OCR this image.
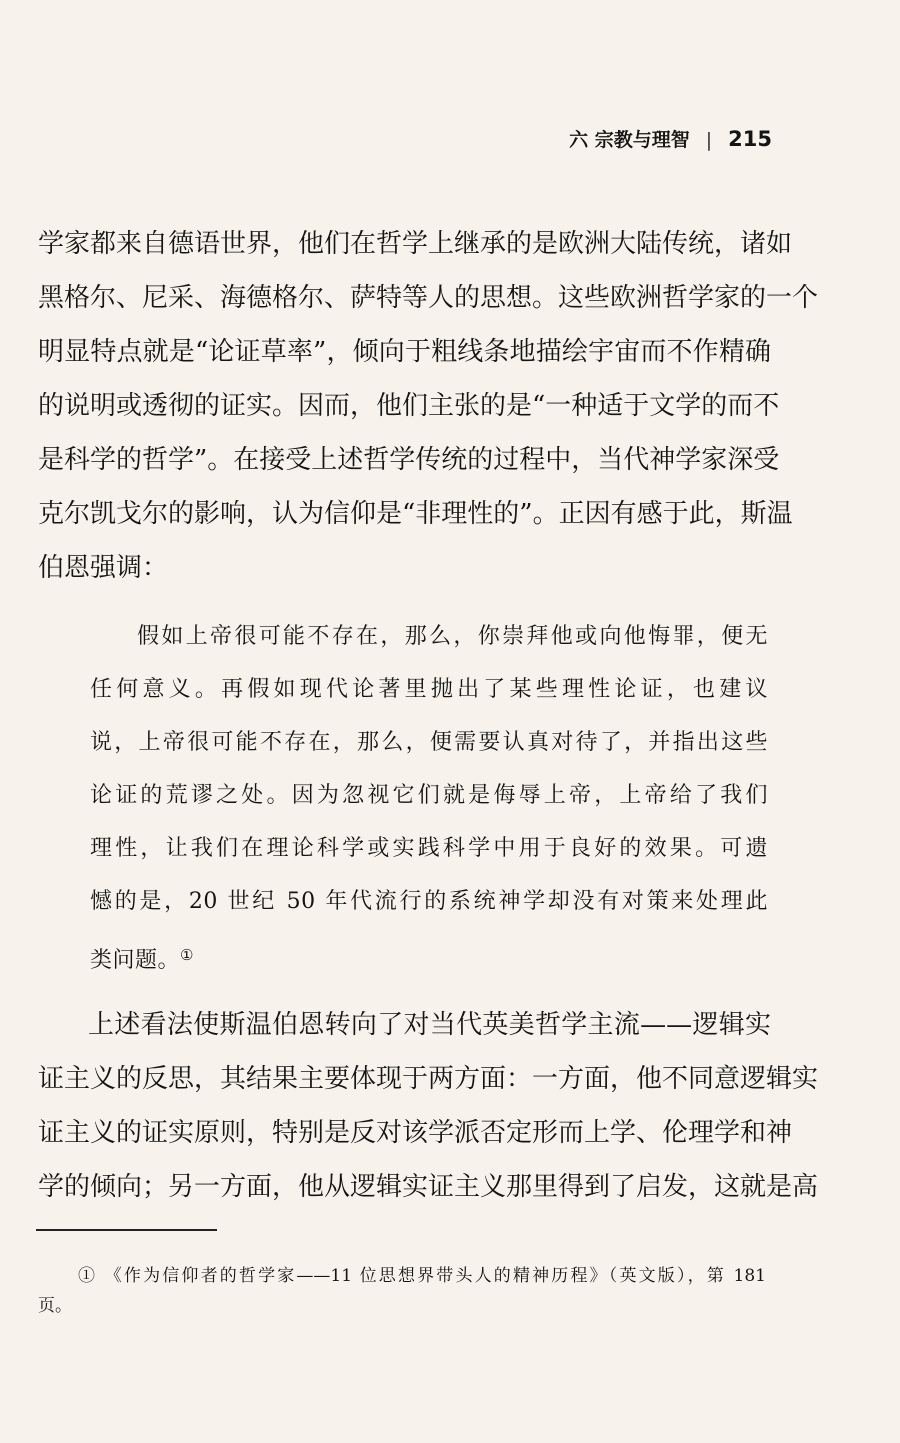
六 宗教与理智 | 215
学家都来自德语世界，他们在哲学上继承的是欧洲大陆传统，诸如
黑格尔、尼采、海德格尔、萨特等人的思想。这些欧洲哲学家的一个
明显特点就是“论证草率”，倾向于粗线条地描绘宇宙而不作精确
的说明或透彻的证实。因而，他们主张的是“一种适于文学的而不
是科学的哲学”。在接受上述哲学传统的过程中，当代神学家深受
克尔凯戈尔的影响，认为信仰是“非理性的”。正因有感于此，斯温
伯恩强调：
假如上帝很可能不存在，那么，你崇拜他或向他悔罪，便无
任何意义。再假如现代论著里抛出了某些理性论证，也建议
说，上帝很可能不存在，那么，便需要认真对待了，并指出这些
论证的荒谬之处。因为忽视它们就是侮辱上帝，上帝给了我们
理性，让我们在理论科学或实践科学中用于良好的效果。可遗
憾的是，20 世纪 50 年代流行的系统神学却没有对策来处理此
类问题。①
上述看法使斯温伯恩转向了对当代英美哲学主流——逻辑实
证主义的反思，其结果主要体现于两方面：一方面，他不同意逻辑实
证主义的证实原则，特别是反对该学派否定形而上学、伦理学和神
学的倾向；另一方面，他从逻辑实证主义那里得到了启发，这就是高
① 《作为信仰者的哲学家——11 位思想界带头人的精神历程》（英文版），第 181
页。
